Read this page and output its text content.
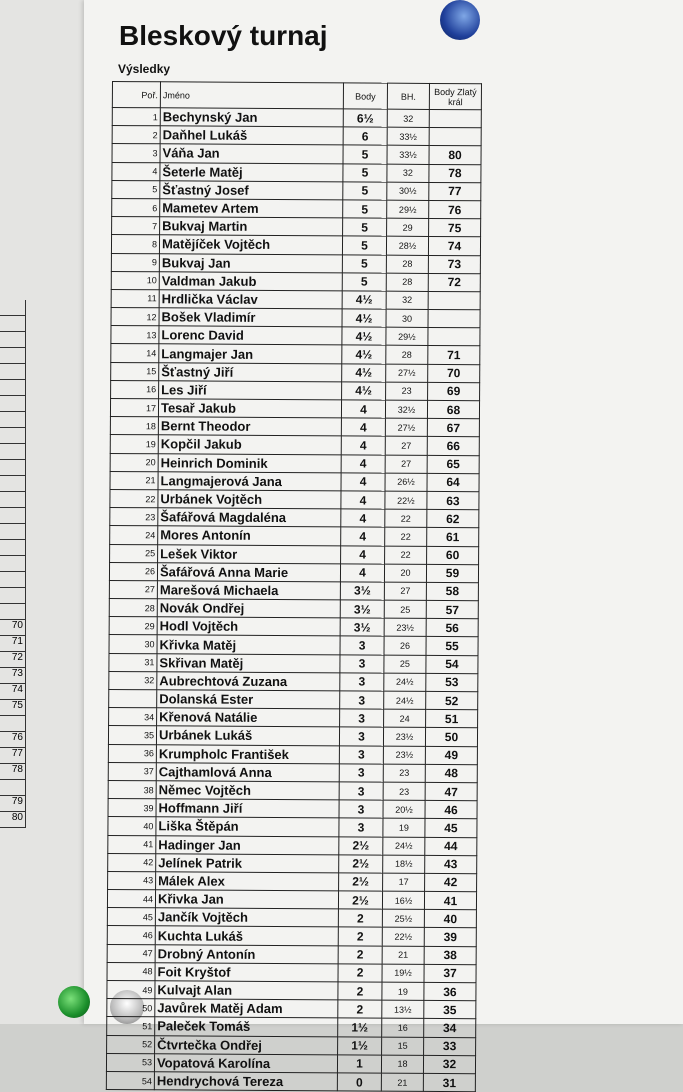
70
71
72
73
74
75
76
77
78
79
80
Bleskový turnaj
Výsledky
Poř.	Jméno	Body	BH.	Body Zlatý král
1	Bechynský Jan	6½	32	
2	Daňhel Lukáš	6	33½	
3	Váňa Jan	5	33½	80
4	Šeterle Matěj	5	32	78
5	Šťastný Josef	5	30½	77
6	Mametev Artem	5	29½	76
7	Bukvaj Martin	5	29	75
8	Matějíček Vojtěch	5	28½	74
9	Bukvaj Jan	5	28	73
10	Valdman Jakub	5	28	72
11	Hrdlička Václav	4½	32	
12	Bošek Vladimír	4½	30	
13	Lorenc David	4½	29½	
14	Langmajer Jan	4½	28	71
15	Šťastný Jiří	4½	27½	70
16	Les Jiří	4½	23	69
17	Tesař Jakub	4	32½	68
18	Bernt Theodor	4	27½	67
19	Kopčil Jakub	4	27	66
20	Heinrich Dominik	4	27	65
21	Langmajerová Jana	4	26½	64
22	Urbánek Vojtěch	4	22½	63
23	Šafářová Magdaléna	4	22	62
24	Mores Antonín	4	22	61
25	Lešek Viktor	4	22	60
26	Šafářová Anna Marie	4	20	59
27	Marešová Michaela	3½	27	58
28	Novák Ondřej	3½	25	57
29	Hodl Vojtěch	3½	23½	56
30	Křivka Matěj	3	26	55
31	Skřivan Matěj	3	25	54
32	Aubrechtová Zuzana	3	24½	53
	Dolanská Ester	3	24½	52
34	Křenová Natálie	3	24	51
35	Urbánek Lukáš	3	23½	50
36	Krumpholc František	3	23½	49
37	Cajthamlová Anna	3	23	48
38	Němec Vojtěch	3	23	47
39	Hoffmann Jiří	3	20½	46
40	Liška Štěpán	3	19	45
41	Hadinger Jan	2½	24½	44
42	Jelínek Patrik	2½	18½	43
43	Málek Alex	2½	17	42
44	Křivka Jan	2½	16½	41
45	Jančík Vojtěch	2	25½	40
46	Kuchta Lukáš	2	22½	39
47	Drobný Antonín	2	21	38
48	Foit Kryštof	2	19½	37
49	Kulvajt Alan	2	19	36
50	Javůrek Matěj Adam	2	13½	35
51	Paleček Tomáš	1½	16	34
52	Čtvrtečka Ondřej	1½	15	33
53	Vopatová Karolína	1	18	32
54	Hendrychová Tereza	0	21	31
